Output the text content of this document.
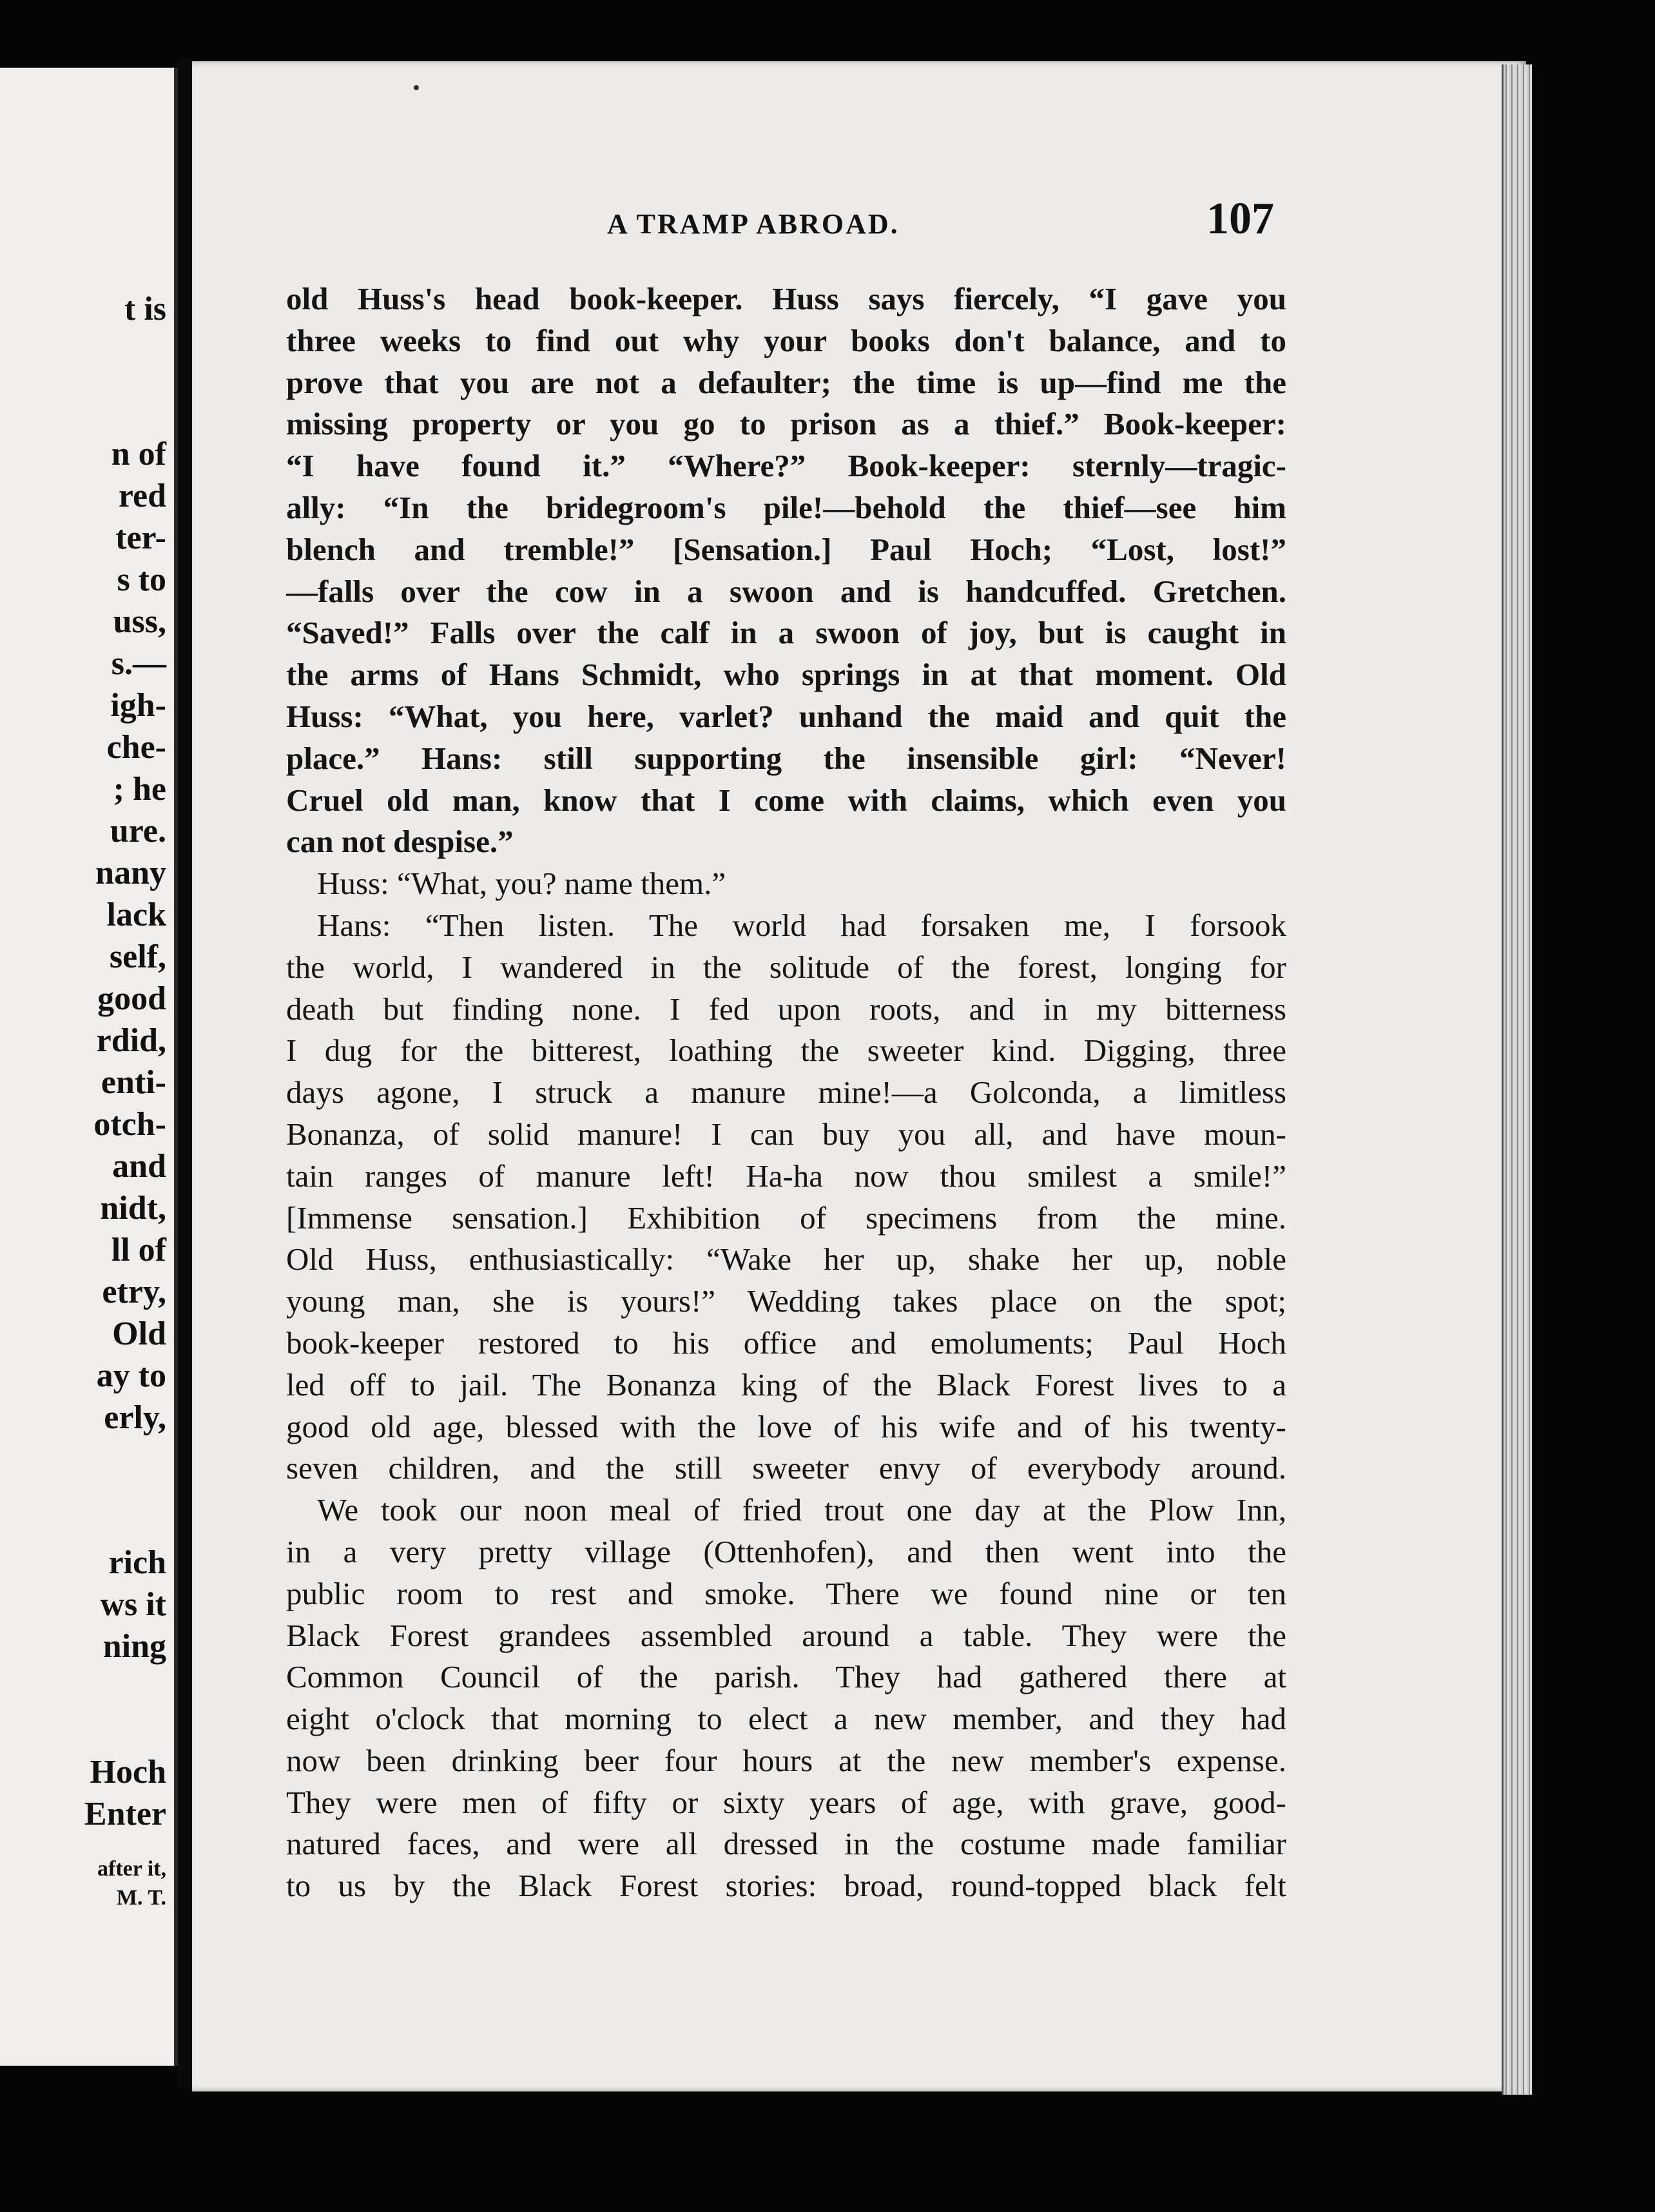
t is
n of
red
ter-
s to
uss,
s.—
igh-
che-
; he
ure.
nany
lack
self,
good
rdid,
enti-
otch-
and
nidt,
ll of
etry,
Old
ay to
erly,
rich
ws it
ning
Hoch
Enter
after it,
M. T.
A TRAMP ABROAD.	107
old Huss's head book-keeper. Huss says fiercely, “I gave you
three weeks to find out why your books don't balance, and to
prove that you are not a defaulter; the time is up—find me the
missing property or you go to prison as a thief.” Book-keeper:
“I have found it.” “Where?” Book-keeper: sternly—tragic-
ally: “In the bridegroom's pile!—behold the thief—see him
blench and tremble!” [Sensation.] Paul Hoch; “Lost, lost!”
—falls over the cow in a swoon and is handcuffed. Gretchen.
“Saved!” Falls over the calf in a swoon of joy, but is caught in
the arms of Hans Schmidt, who springs in at that moment. Old
Huss: “What, you here, varlet? unhand the maid and quit the
place.” Hans: still supporting the insensible girl: “Never!
Cruel old man, know that I come with claims, which even you
can not despise.”
Huss: “What, you? name them.”
Hans: “Then listen. The world had forsaken me, I forsook
the world, I wandered in the solitude of the forest, longing for
death but finding none. I fed upon roots, and in my bitterness
I dug for the bitterest, loathing the sweeter kind. Digging, three
days agone, I struck a manure mine!—a Golconda, a limitless
Bonanza, of solid manure! I can buy you all, and have moun-
tain ranges of manure left! Ha-ha now thou smilest a smile!”
[Immense sensation.] Exhibition of specimens from the mine.
Old Huss, enthusiastically: “Wake her up, shake her up, noble
young man, she is yours!” Wedding takes place on the spot;
book-keeper restored to his office and emoluments; Paul Hoch
led off to jail. The Bonanza king of the Black Forest lives to a
good old age, blessed with the love of his wife and of his twenty-
seven children, and the still sweeter envy of everybody around.
We took our noon meal of fried trout one day at the Plow Inn,
in a very pretty village (Ottenhofen), and then went into the
public room to rest and smoke. There we found nine or ten
Black Forest grandees assembled around a table. They were the
Common Council of the parish. They had gathered there at
eight o'clock that morning to elect a new member, and they had
now been drinking beer four hours at the new member's expense.
They were men of fifty or sixty years of age, with grave, good-
natured faces, and were all dressed in the costume made familiar
to us by the Black Forest stories: broad, round-topped black felt
